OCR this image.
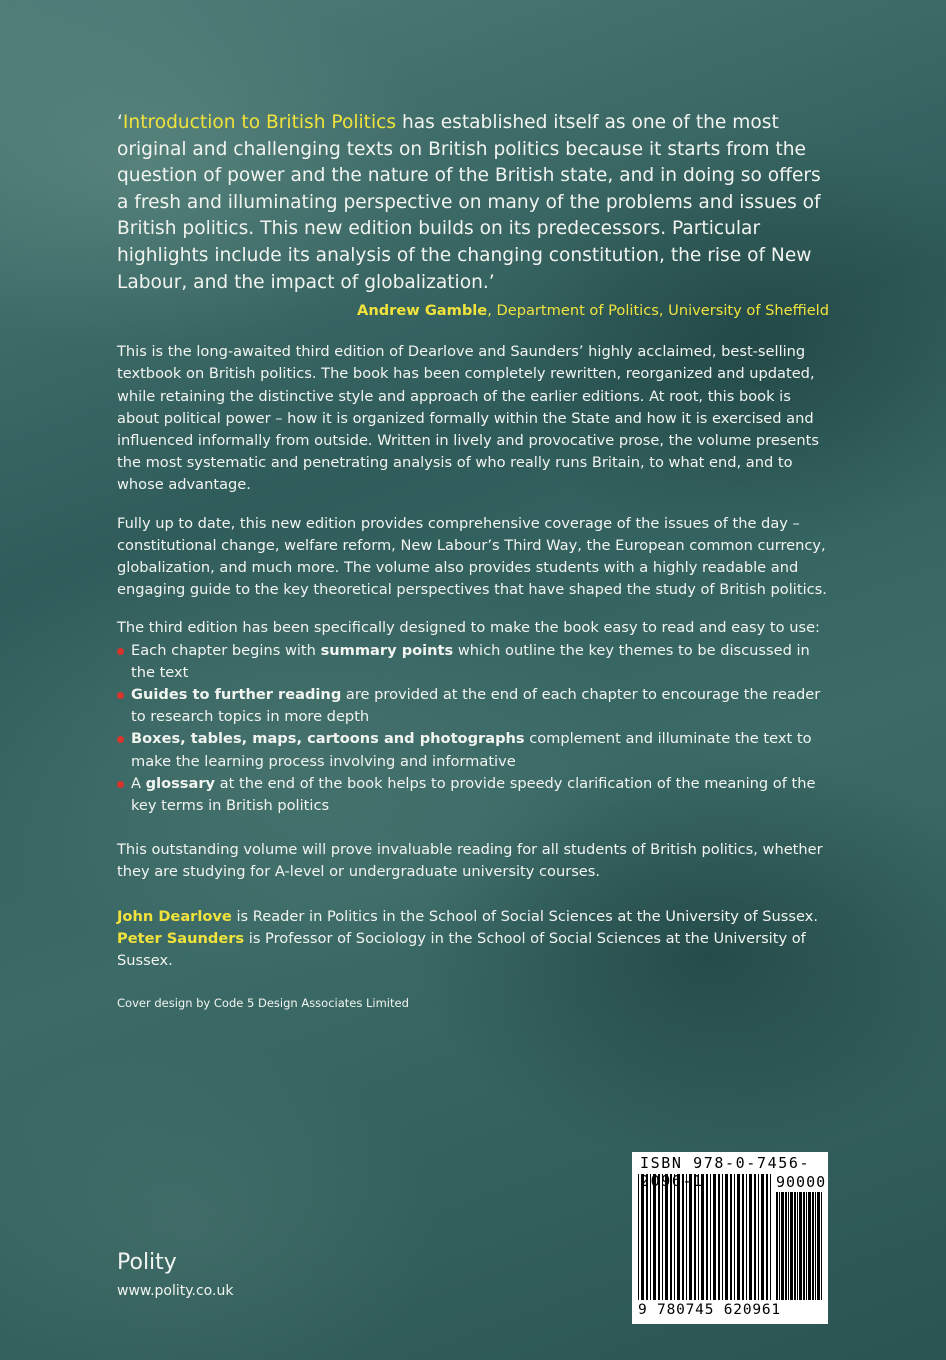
‘Introduction to British Politics has established itself as one of the most original and challenging texts on British politics because it starts from the question of power and the nature of the British state, and in doing so offers a fresh and illuminating perspective on many of the problems and issues of British politics. This new edition builds on its predecessors. Particular highlights include its analysis of the changing constitution, the rise of New Labour, and the impact of globalization.’

Andrew Gamble, Department of Politics, University of Sheffield

This is the long-awaited third edition of Dearlove and Saunders’ highly acclaimed, best-selling textbook on British politics. The book has been completely rewritten, reorganized and updated, while retaining the distinctive style and approach of the earlier editions. At root, this book is about political power – how it is organized formally within the State and how it is exercised and influenced informally from outside. Written in lively and provocative prose, the volume presents the most systematic and penetrating analysis of who really runs Britain, to what end, and to whose advantage.

Fully up to date, this new edition provides comprehensive coverage of the issues of the day – constitutional change, welfare reform, New Labour’s Third Way, the European common currency, globalization, and much more. The volume also provides students with a highly readable and engaging guide to the key theoretical perspectives that have shaped the study of British politics.

The third edition has been specifically designed to make the book easy to read and easy to use:

Each chapter begins with summary points which outline the key themes to be discussed in the text
Guides to further reading are provided at the end of each chapter to encourage the reader to research topics in more depth
Boxes, tables, maps, cartoons and photographs complement and illuminate the text to make the learning process involving and informative
A glossary at the end of the book helps to provide speedy clarification of the meaning of the key terms in British politics

This outstanding volume will prove invaluable reading for all students of British politics, whether they are studying for A-level or undergraduate university courses.

John Dearlove is Reader in Politics in the School of Social Sciences at the University of Sussex. Peter Saunders is Professor of Sociology in the School of Social Sciences at the University of Sussex.

Cover design by Code 5 Design Associates Limited
Polity
www.polity.co.uk
ISBN 978-0-7456-2096-1	90000
9 780745 620961
